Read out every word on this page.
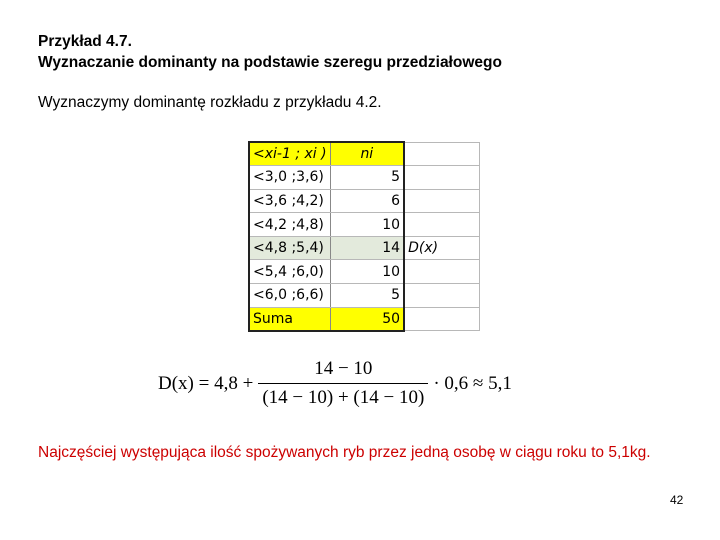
Przykład 4.7.
Wyznaczanie dominanty na podstawie szeregu przedziałowego
Wyznaczymy dominantę rozkładu z przykładu 4.2.
<xi-1 ; xi )	ni	
<3,0 ;3,6)	5	
<3,6 ;4,2)	6	
<4,2 ;4,8)	10	
<4,8 ;5,4)	14	D(x)
<5,4 ;6,0)	10	
<6,0 ;6,6)	5	
Suma	50	
$D(x) = 4,8 + \frac{14 - 10}{(14 - 10) + (14 - 10)} \cdot 0,6 \approx 5,1$
Najczęściej występująca ilość spożywanych ryb przez jedną osobę w ciągu roku to 5,1kg.
42
